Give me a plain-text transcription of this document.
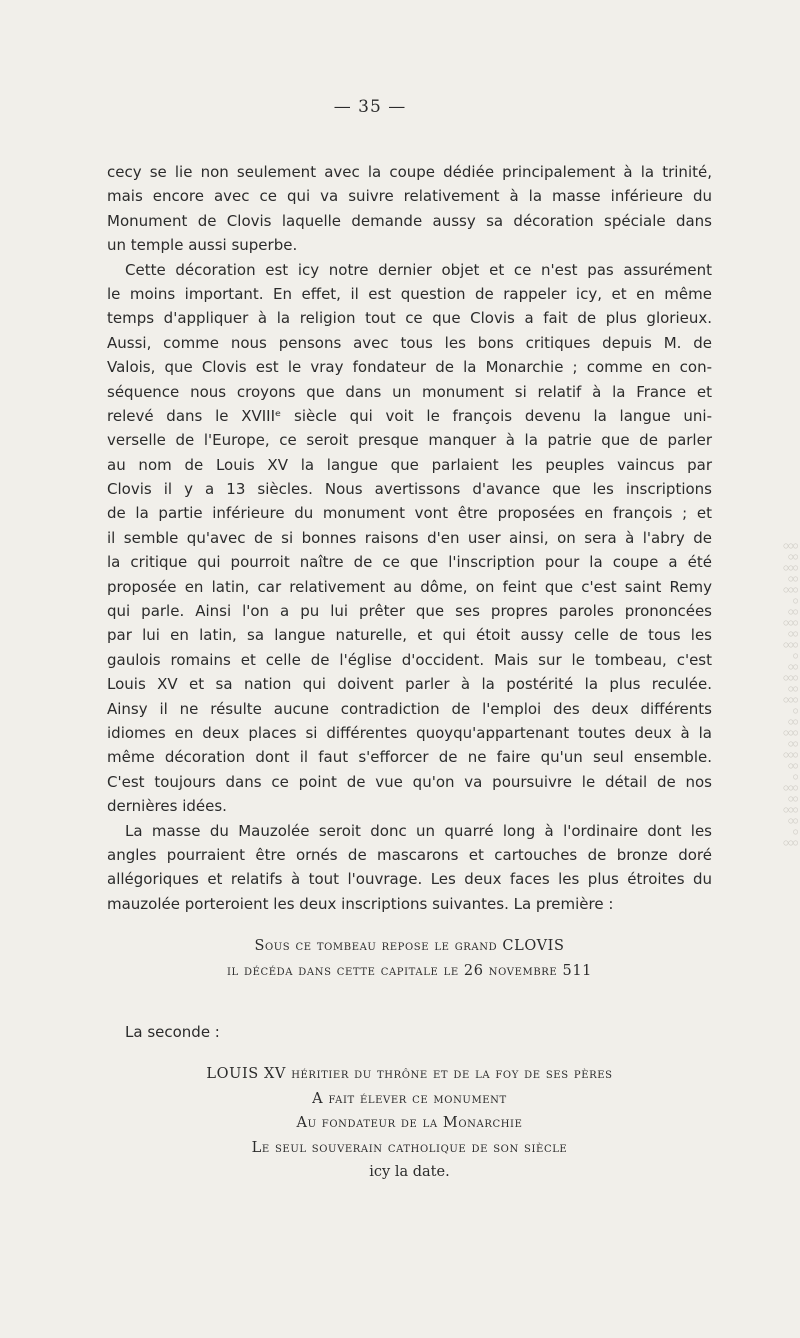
— 35 —
cecy se lie non seulement avec la coupe dédiée principalement à la trinité,
mais encore avec ce qui va suivre relativement à la masse inférieure du
Monument de Clovis laquelle demande aussy sa décoration spéciale dans
un temple aussi superbe.
Cette décoration est icy notre dernier objet et ce n'est pas assurément
le moins important. En effet, il est question de rappeler icy, et en même
temps d'appliquer à la religion tout ce que Clovis a fait de plus glorieux.
Aussi, comme nous pensons avec tous les bons critiques depuis M. de
Valois, que Clovis est le vray fondateur de la Monarchie ; comme en con-
séquence nous croyons que dans un monument si relatif à la France et
relevé dans le XVIIIᵉ siècle qui voit le françois devenu la langue uni-
verselle de l'Europe, ce seroit presque manquer à la patrie que de parler
au nom de Louis XV la langue que parlaient les peuples vaincus par
Clovis il y a 13 siècles. Nous avertissons d'avance que les inscriptions
de la partie inférieure du monument vont être proposées en françois ; et
il semble qu'avec de si bonnes raisons d'en user ainsi, on sera à l'abry de
la critique qui pourroit naître de ce que l'inscription pour la coupe a été
proposée en latin, car relativement au dôme, on feint que c'est saint Remy
qui parle. Ainsi l'on a pu lui prêter que ses propres paroles prononcées
par lui en latin, sa langue naturelle, et qui étoit aussy celle de tous les
gaulois romains et celle de l'église d'occident. Mais sur le tombeau, c'est
Louis XV et sa nation qui doivent parler à la postérité la plus reculée.
Ainsy il ne résulte aucune contradiction de l'emploi des deux différents
idiomes en deux places si différentes quoyqu'appartenant toutes deux à la
même décoration dont il faut s'efforcer de ne faire qu'un seul ensemble.
C'est toujours dans ce point de vue qu'on va poursuivre le détail de nos
dernières idées.
La masse du Mauzolée seroit donc un quarré long à l'ordinaire dont les
angles pourraient être ornés de mascarons et cartouches de bronze doré
allégoriques et relatifs à tout l'ouvrage. Les deux faces les plus étroites du
mauzolée porteroient les deux inscriptions suivantes. La première :
Sous ce tombeau repose le grand CLOVIS
il décéda dans cette capitale le 26 novembre 511
La seconde :
LOUIS XV héritier du thrône et de la foy de ses pères
A fait élever ce monument
Au fondateur de la Monarchie
Le seul souverain catholique de son siècle
icy la date.
○○○
○○
○○○
○○
○○○
○
○○
○○○
○○
○○○
○
○○
○○○
○○
○○○
○
○○
○○○
○○
○○○
○○
○
○○○
○○
○○○
○○
○
○○○
